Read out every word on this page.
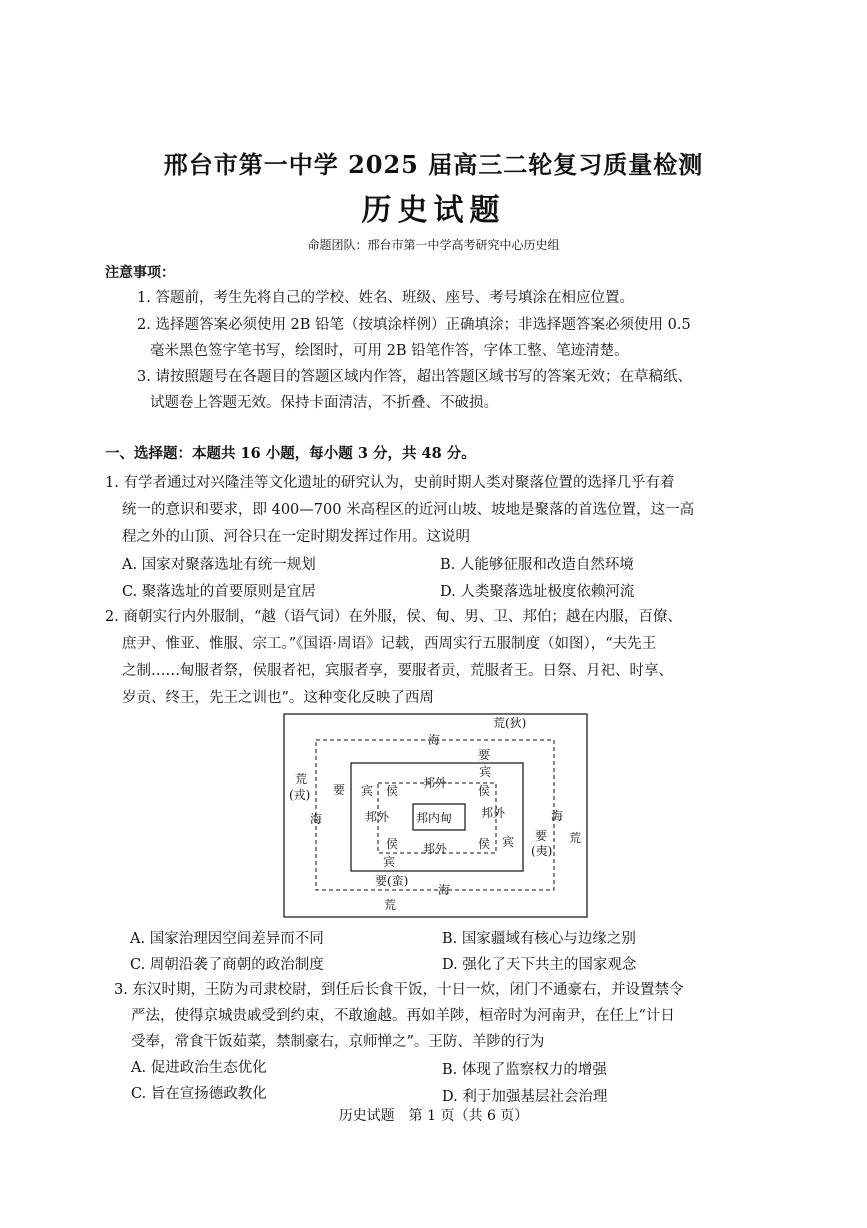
邢台市第一中学 2025 届高三二轮复习质量检测
历史试题
命题团队：邢台市第一中学高考研究中心历史组
注意事项：
1. 答题前，考生先将自己的学校、姓名、班级、座号、考号填涂在相应位置。
2. 选择题答案必须使用 2B 铅笔（按填涂样例）正确填涂；非选择题答案必须使用 0.5
毫米黑色签字笔书写，绘图时，可用 2B 铅笔作答，字体工整、笔迹清楚。
3. 请按照题号在各题目的答题区域内作答，超出答题区域书写的答案无效；在草稿纸、
试题卷上答题无效。保持卡面清洁，不折叠、不破损。
一、选择题：本题共 16 小题，每小题 3 分，共 48 分。
1. 有学者通过对兴隆洼等文化遗址的研究认为，史前时期人类对聚落位置的选择几乎有着
统一的意识和要求，即 400—700 米高程区的近河山坡、坡地是聚落的首选位置，这一高
程之外的山顶、河谷只在一定时期发挥过作用。这说明
A. 国家对聚落选址有统一规划	B. 人能够征服和改造自然环境
C. 聚落选址的首要原则是宜居	D. 人类聚落选址极度依赖河流
2. 商朝实行内外服制，“越（语气词）在外服，侯、甸、男、卫、邦伯；越在内服，百僚、
庶尹、惟亚、惟服、宗工。”《国语·周语》记载，西周实行五服制度（如图），“夫先王
之制……甸服者祭，侯服者祀，宾服者享，要服者贡，荒服者王。日祭、月祀、时享、
岁贡、终王，先王之训也”。这种变化反映了西周
荒(狄)
海
要
宾
侯
邦外
侯
荒
(戎) 要
海
宾
邦外 邦内甸 邦外
宾
海
要
(夷)
荒
侯 邦外	侯
宾
要(蛮)
海
荒
A. 国家治理因空间差异而不同	B. 国家疆域有核心与边缘之别
C. 周朝沿袭了商朝的政治制度	D. 强化了天下共主的国家观念
3. 东汉时期，王防为司隶校尉，到任后长食干饭，十日一炊，闭门不通豪右，并设置禁令
严法，使得京城贵戚受到约束，不敢逾越。再如羊陟，桓帝时为河南尹，在任上“计日
受奉，常食干饭茹菜，禁制豪右，京师惮之”。王防、羊陟的行为
A. 促进政治生态优化	B. 体现了监察权力的增强
C. 旨在宣扬德政教化	D. 利于加强基层社会治理
历史试题　第 1 页（共 6 页）
